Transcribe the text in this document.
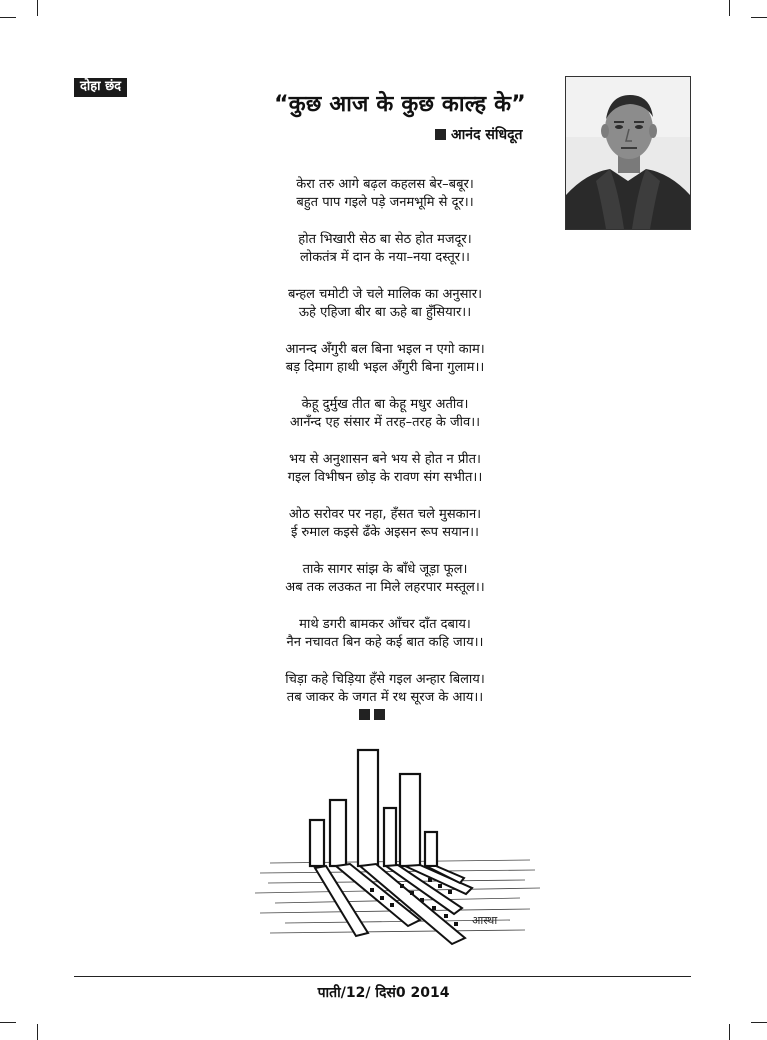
दोहा छंद
“कुछ आज के कुछ काल्ह के”
आनंद संधिदूत
केरा तरु आगे बढ़ल कहलस बेर–बबूर।
बहुत पाप गइले पड़े जनमभूमि से दूर।।
होत भिखारी सेठ बा सेठ होत मजदूर।
लोकतंत्र में दान के नया–नया दस्तूर।।
बन्हल चमोटी जे चले मालिक का अनुसार।
ऊहे एहिजा बीर बा ऊहे बा हुँसियार।।
आनन्द अँगुरी बल बिना भइल न एगो काम।
बड़ दिमाग हाथी भइल अँगुरी बिना गुलाम।।
केहू दुर्मुख तीत बा केहू मधुर अतीव।
आनँन्द एह संसार में तरह–तरह के जीव।।
भय से अनुशासन बने भय से होत न प्रीत।
गइल विभीषन छोड़ के रावण संग सभीत।।
ओठ सरोवर पर नहा, हँसत चले मुसकान।
ई रुमाल कइसे ढँके अइसन रूप सयान।।
ताके सागर सांझ के बाँधे जूड़ा फूल।
अब तक लउकत ना मिले लहरपार मस्तूल।।
माथे डगरी बामकर आँचर दाँत दबाय।
नैन नचावत बिन कहे कई बात कहि जाय।।
चिड़ा कहे चिड़िया हँसे गइल अन्हार बिलाय।
तब जाकर के जगत में रथ सूरज के आय।।
आस्था
पाती/12/ दिसं0 2014
